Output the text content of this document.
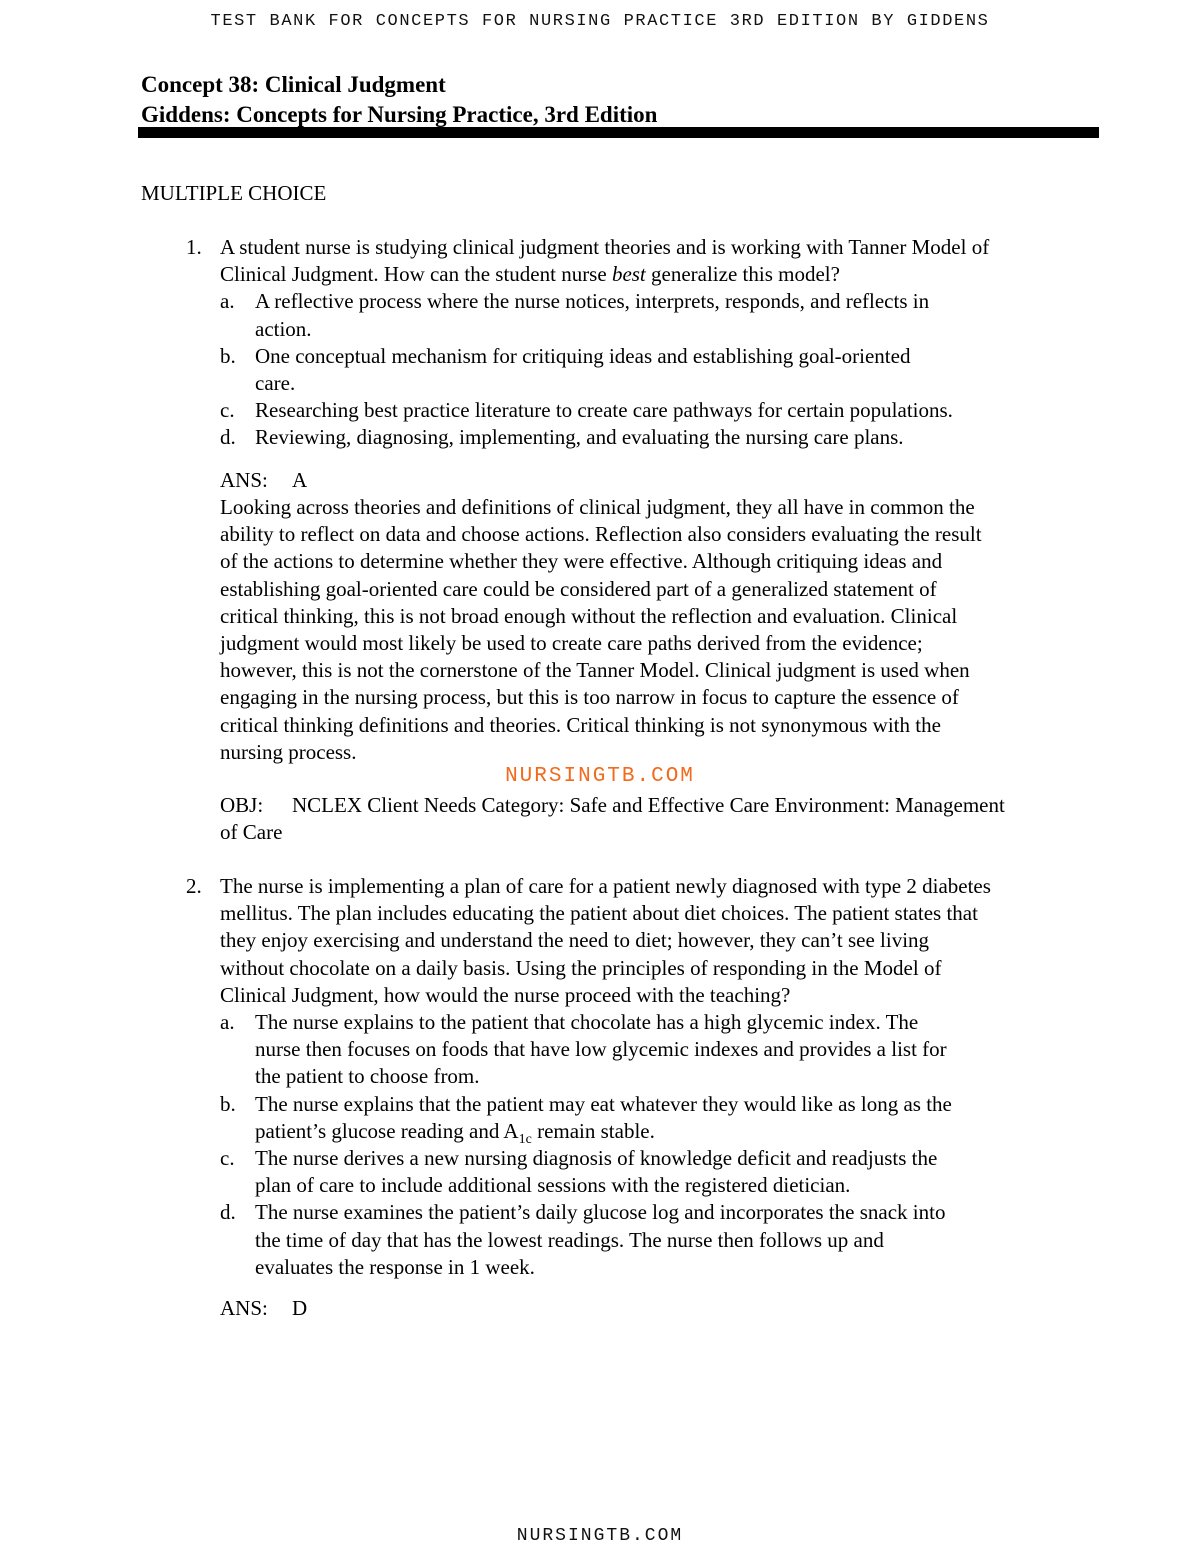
TEST BANK FOR CONCEPTS FOR NURSING PRACTICE 3RD EDITION BY GIDDENS
Concept 38: Clinical Judgment
Giddens: Concepts for Nursing Practice, 3rd Edition
MULTIPLE CHOICE
1. A student nurse is studying clinical judgment theories and is working with Tanner Model of
Clinical Judgment. How can the student nurse best generalize this model?
a. A reflective process where the nurse notices, interprets, responds, and reflects in
action.
b. One conceptual mechanism for critiquing ideas and establishing goal-oriented
care.
c. Researching best practice literature to create care pathways for certain populations.
d. Reviewing, diagnosing, implementing, and evaluating the nursing care plans.
ANS: A
Looking across theories and definitions of clinical judgment, they all have in common the
ability to reflect on data and choose actions. Reflection also considers evaluating the result
of the actions to determine whether they were effective. Although critiquing ideas and
establishing goal-oriented care could be considered part of a generalized statement of
critical thinking, this is not broad enough without the reflection and evaluation. Clinical
judgment would most likely be used to create care paths derived from the evidence;
however, this is not the cornerstone of the Tanner Model. Clinical judgment is used when
engaging in the nursing process, but this is too narrow in focus to capture the essence of
critical thinking definitions and theories. Critical thinking is not synonymous with the
nursing process.
NURSINGTB.COM
OBJ: NCLEX Client Needs Category: Safe and Effective Care Environment: Management
of Care
2. The nurse is implementing a plan of care for a patient newly diagnosed with type 2 diabetes
mellitus. The plan includes educating the patient about diet choices. The patient states that
they enjoy exercising and understand the need to diet; however, they can’t see living
without chocolate on a daily basis. Using the principles of responding in the Model of
Clinical Judgment, how would the nurse proceed with the teaching?
a. The nurse explains to the patient that chocolate has a high glycemic index. The
nurse then focuses on foods that have low glycemic indexes and provides a list for
the patient to choose from.
b. The nurse explains that the patient may eat whatever they would like as long as the
patient’s glucose reading and $A_{1c}$ remain stable.
c. The nurse derives a new nursing diagnosis of knowledge deficit and readjusts the
plan of care to include additional sessions with the registered dietician.
d. The nurse examines the patient’s daily glucose log and incorporates the snack into
the time of day that has the lowest readings. The nurse then follows up and
evaluates the response in 1 week.
ANS: D
NURSINGTB.COM
